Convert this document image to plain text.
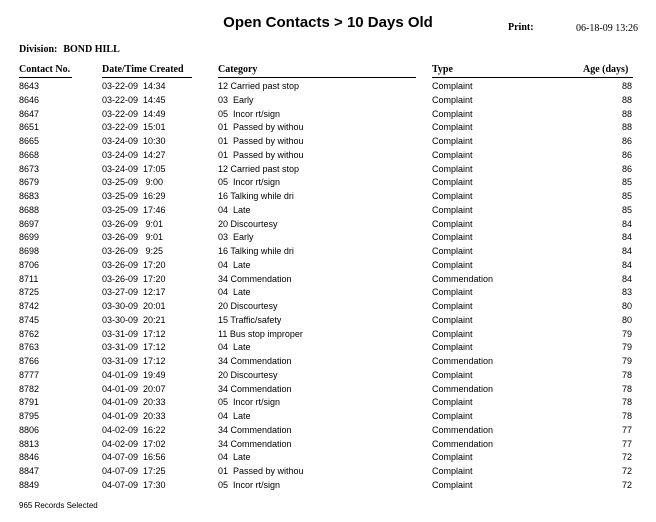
Open Contacts > 10 Days Old	Print:	06-18-09 13:26
Division: BOND HILL
Contact No.	Date/Time Created	Category	Type	Age (days)
8643	03-22-09  14:34	12 Carried past stop	Complaint	88
8646	03-22-09  14:45	03  Early	Complaint	88
8647	03-22-09  14:49	05  Incor rt/sign	Complaint	88
8651	03-22-09  15:01	01  Passed by withou	Complaint	88
8665	03-24-09  10:30	01  Passed by withou	Complaint	86
8668	03-24-09  14:27	01  Passed by withou	Complaint	86
8673	03-24-09  17:05	12 Carried past stop	Complaint	86
8679	03-25-09   9:00	05  Incor rt/sign	Complaint	85
8683	03-25-09  16:29	16 Talking while dri	Complaint	85
8688	03-25-09  17:46	04  Late	Complaint	85
8697	03-26-09   9:01	20 Discourtesy	Complaint	84
8699	03-26-09   9:01	03  Early	Complaint	84
8698	03-26-09   9:25	16 Talking while dri	Complaint	84
8706	03-26-09  17:20	04  Late	Complaint	84
8711	03-26-09  17:20	34 Commendation	Commendation	84
8725	03-27-09  12:17	04  Late	Complaint	83
8742	03-30-09  20:01	20 Discourtesy	Complaint	80
8745	03-30-09  20:21	15 Traffic/safety	Complaint	80
8762	03-31-09  17:12	11 Bus stop improper	Complaint	79
8763	03-31-09  17:12	04  Late	Complaint	79
8766	03-31-09  17:12	34 Commendation	Commendation	79
8777	04-01-09  19:49	20 Discourtesy	Complaint	78
8782	04-01-09  20:07	34 Commendation	Commendation	78
8791	04-01-09  20:33	05  Incor rt/sign	Complaint	78
8795	04-01-09  20:33	04  Late	Complaint	78
8806	04-02-09  16:22	34 Commendation	Commendation	77
8813	04-02-09  17:02	34 Commendation	Commendation	77
8846	04-07-09  16:56	04  Late	Complaint	72
8847	04-07-09  17:25	01  Passed by withou	Complaint	72
8849	04-07-09  17:30	05  Incor rt/sign	Complaint	72
965 Records Selected
